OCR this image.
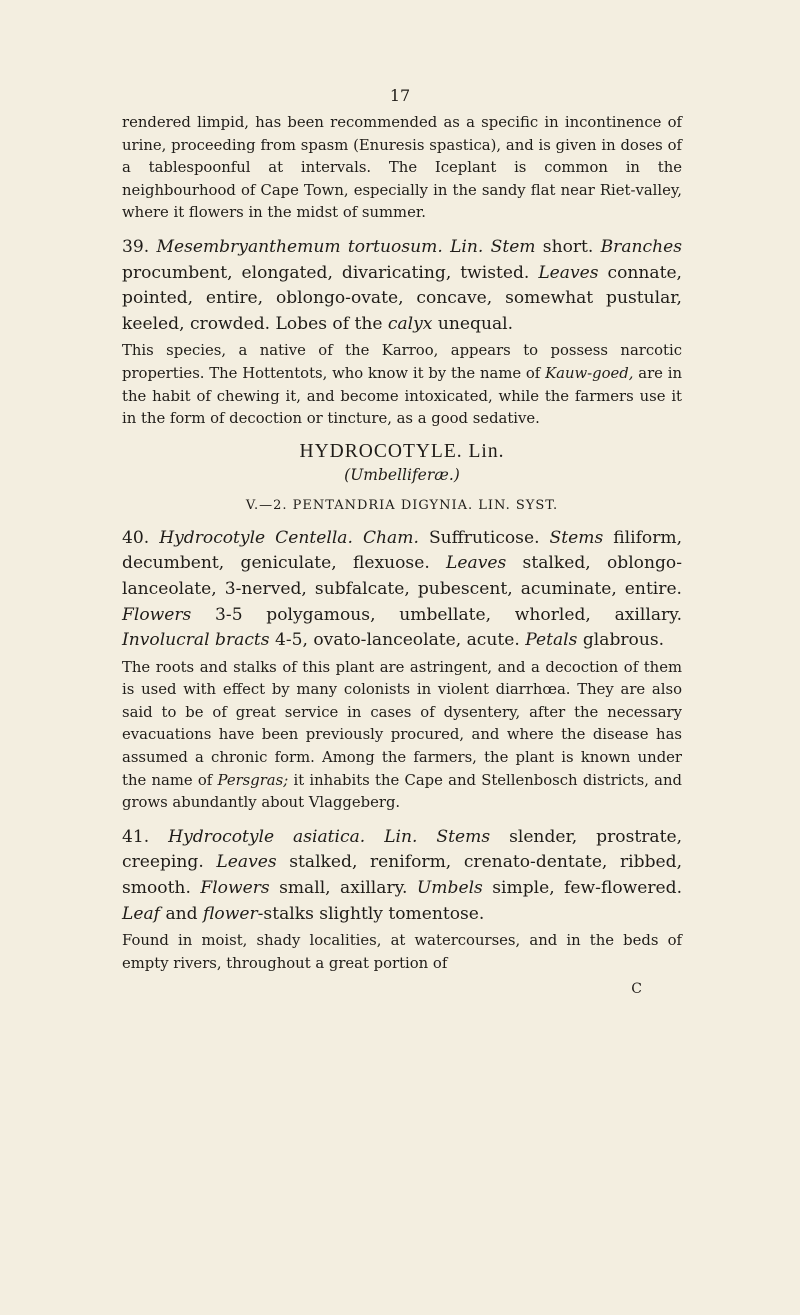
17

rendered limpid, has been recommended as a specific in incontinence of urine, proceeding from spasm (Enuresis spastica), and is given in doses of a tablespoonful at intervals. The Iceplant is common in the neighbourhood of Cape Town, especially in the sandy flat near Riet-valley, where it flowers in the midst of summer.

39. Mesembryanthemum tortuosum. Lin. Stem short. Branches procumbent, elongated, divaricating, twisted. Leaves connate, pointed, entire, oblongo-ovate, concave, somewhat pustular, keeled, crowded. Lobes of the calyx unequal.

This species, a native of the Karroo, appears to possess narcotic properties. The Hottentots, who know it by the name of Kauw-goed, are in the habit of chewing it, and become intoxicated, while the farmers use it in the form of decoction or tincture, as a good sedative.

HYDROCOTYLE. Lin.
(Umbelliferæ.)
V.—2. PENTANDRIA DIGYNIA. LIN. SYST.

40. Hydrocotyle Centella. Cham. Suffruticose. Stems filiform, decumbent, geniculate, flexuose. Leaves stalked, oblongo-lanceolate, 3-nerved, subfalcate, pubescent, acuminate, entire. Flowers 3-5 polygamous, umbellate, whorled, axillary. Involucral bracts 4-5, ovato-lanceolate, acute. Petals glabrous.

The roots and stalks of this plant are astringent, and a decoction of them is used with effect by many colonists in violent diarrhœa. They are also said to be of great service in cases of dysentery, after the necessary evacuations have been previously procured, and where the disease has assumed a chronic form. Among the farmers, the plant is known under the name of Persgras; it inhabits the Cape and Stellenbosch districts, and grows abundantly about Vlaggeberg.

41. Hydrocotyle asiatica. Lin. Stems slender, prostrate, creeping. Leaves stalked, reniform, crenato-dentate, ribbed, smooth. Flowers small, axillary. Umbels simple, few-flowered. Leaf and flower-stalks slightly tomentose.

Found in moist, shady localities, at watercourses, and in the beds of empty rivers, throughout a great portion of

C
